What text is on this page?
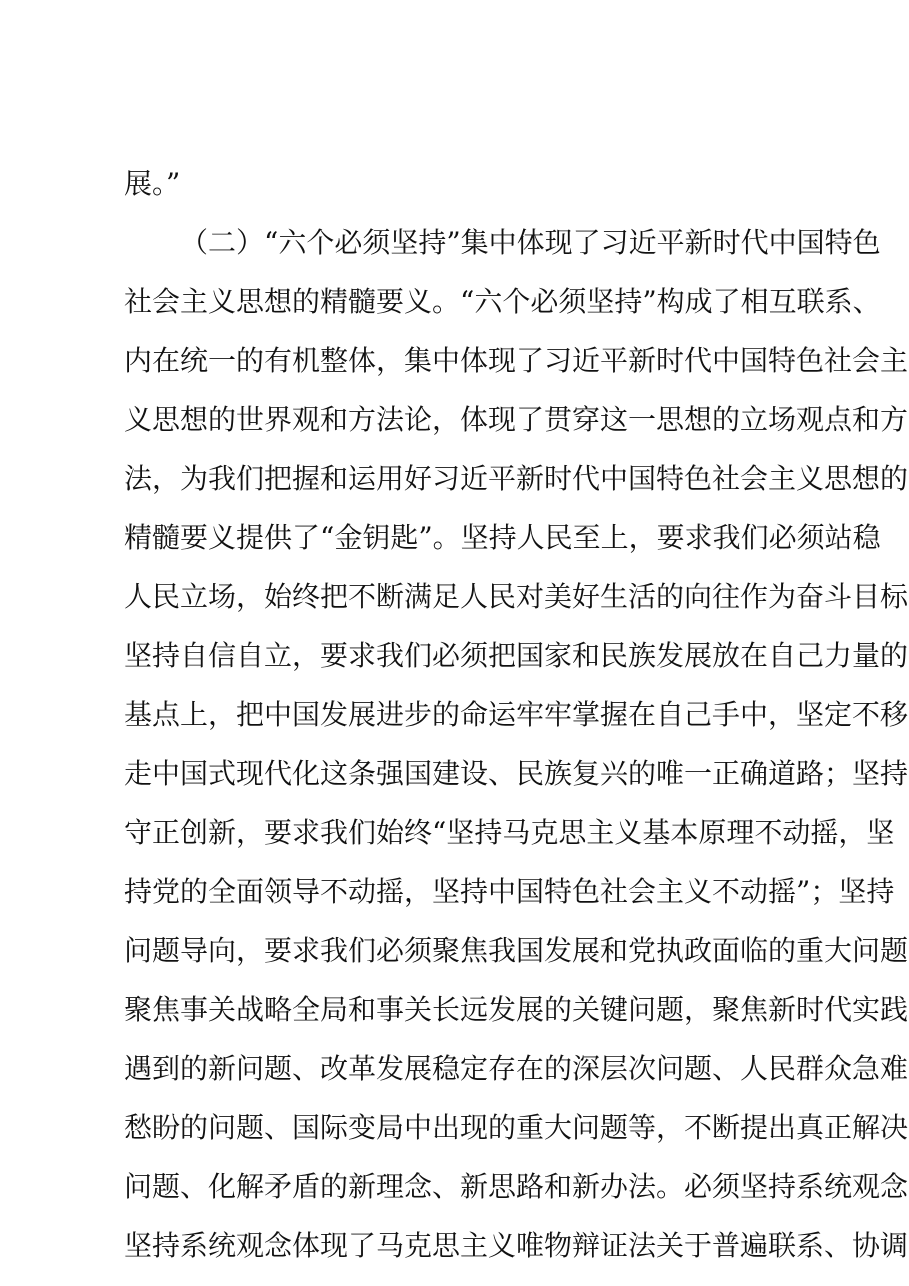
展。”
（二）“六个必须坚持”集中体现了习近平新时代中国特色
社会主义思想的精髓要义。“六个必须坚持”构成了相互联系、
内在统一的有机整体，集中体现了习近平新时代中国特色社会主
义思想的世界观和方法论，体现了贯穿这一思想的立场观点和方
法，为我们把握和运用好习近平新时代中国特色社会主义思想的
精髓要义提供了“金钥匙”。坚持人民至上，要求我们必须站稳
人民立场，始终把不断满足人民对美好生活的向往作为奋斗目标
坚持自信自立，要求我们必须把国家和民族发展放在自己力量的
基点上，把中国发展进步的命运牢牢掌握在自己手中，坚定不移
走中国式现代化这条强国建设、民族复兴的唯一正确道路；坚持
守正创新，要求我们始终“坚持马克思主义基本原理不动摇，坚
持党的全面领导不动摇，坚持中国特色社会主义不动摇”；坚持
问题导向，要求我们必须聚焦我国发展和党执政面临的重大问题
聚焦事关战略全局和事关长远发展的关键问题，聚焦新时代实践
遇到的新问题、改革发展稳定存在的深层次问题、人民群众急难
愁盼的问题、国际变局中出现的重大问题等，不断提出真正解决
问题、化解矛盾的新理念、新思路和新办法。必须坚持系统观念
坚持系统观念体现了马克思主义唯物辩证法关于普遍联系、协调
